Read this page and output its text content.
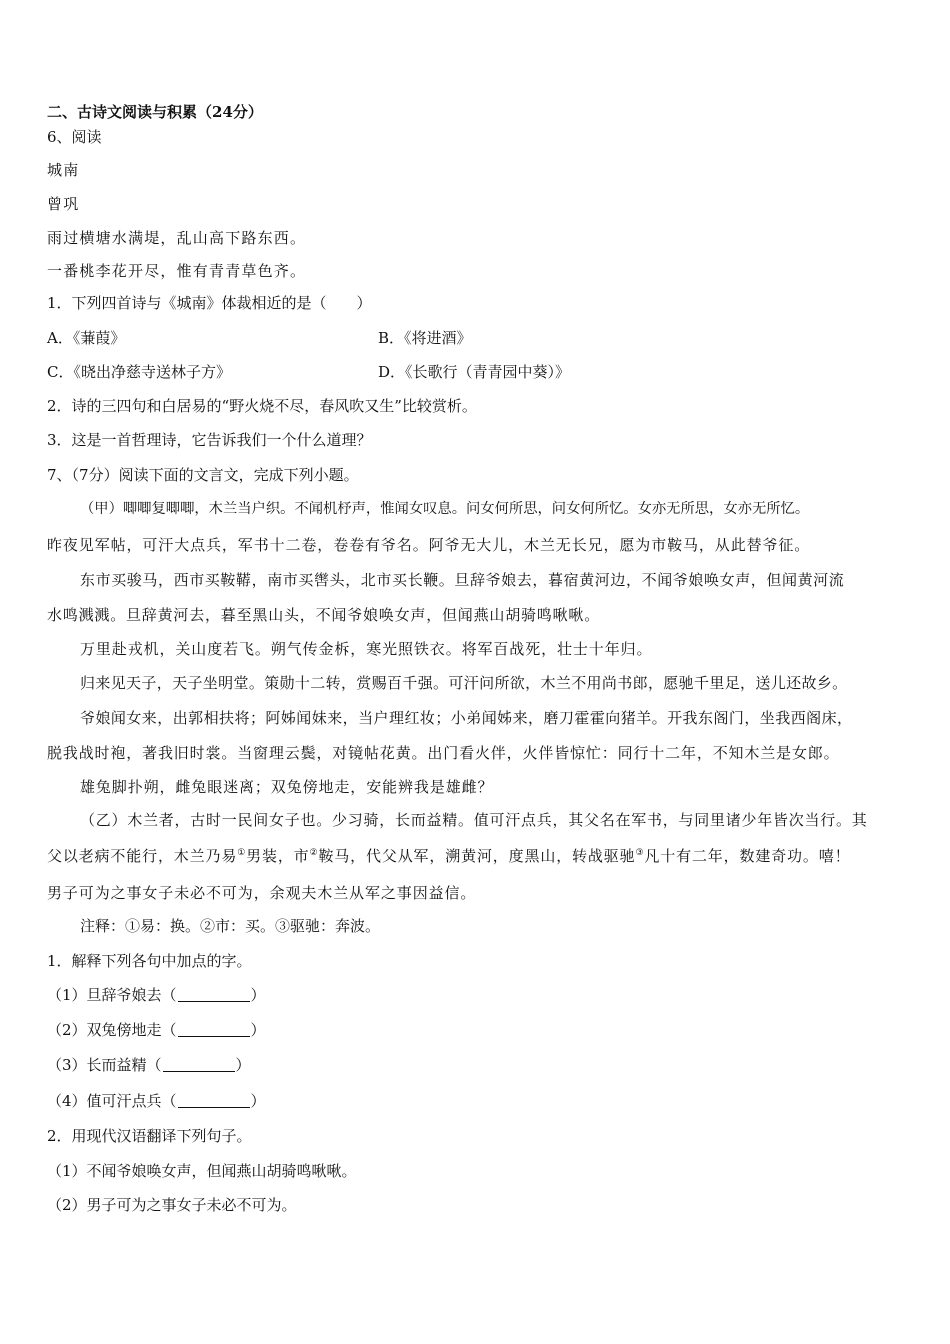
二、古诗文阅读与积累（24分）
6、阅读
城南
曾巩
雨过横塘水满堤，乱山高下路东西。
一番桃李花开尽，惟有青青草色齐。
1．下列四首诗与《城南》体裁相近的是（　　）
A．《蒹葭》	B．《将进酒》
C．《晓出净慈寺送林子方》	D．《长歌行（青青园中葵）》
2．诗的三四句和白居易的“野火烧不尽，春风吹又生”比较赏析。
3．这是一首哲理诗，它告诉我们一个什么道理？
7、（7分）阅读下面的文言文，完成下列小题。
（甲）唧唧复唧唧，木兰当户织。不闻机杼声，惟闻女叹息。问女何所思，问女何所忆。女亦无所思，女亦无所忆。
昨夜见军帖，可汗大点兵，军书十二卷，卷卷有爷名。阿爷无大儿，木兰无长兄，愿为市鞍马，从此替爷征。
东市买骏马，西市买鞍鞯，南市买辔头，北市买长鞭。旦辞爷娘去，暮宿黄河边，不闻爷娘唤女声，但闻黄河流
水鸣溅溅。旦辞黄河去，暮至黑山头，不闻爷娘唤女声，但闻燕山胡骑鸣啾啾。
万里赴戎机，关山度若飞。朔气传金柝，寒光照铁衣。将军百战死，壮士十年归。
归来见天子，天子坐明堂。策勋十二转，赏赐百千强。可汗问所欲，木兰不用尚书郎，愿驰千里足，送儿还故乡。
爷娘闻女来，出郭相扶将；阿姊闻妹来，当户理红妆；小弟闻姊来，磨刀霍霍向猪羊。开我东阁门，坐我西阁床，
脱我战时袍，著我旧时裳。当窗理云鬓，对镜帖花黄。出门看火伴，火伴皆惊忙：同行十二年，不知木兰是女郎。
雄兔脚扑朔，雌兔眼迷离；双兔傍地走，安能辨我是雄雌？
（乙）木兰者，古时一民间女子也。少习骑，长而益精。值可汗点兵，其父名在军书，与同里诸少年皆次当行。其
父以老病不能行，木兰乃易①男装，市②鞍马，代父从军，溯黄河，度黑山，转战驱驰③凡十有二年，数建奇功。嘻！
男子可为之事女子未必不可为，余观夫木兰从军之事因益信。
注释：①易：换。②市：买。③驱驰：奔波。
1．解释下列各句中加点的字。
（1）旦辞爷娘去（	）
（2）双兔傍地走（	）
（3）长而益精（	）
（4）值可汗点兵（	）
2．用现代汉语翻译下列句子。
（1）不闻爷娘唤女声，但闻燕山胡骑鸣啾啾。
（2）男子可为之事女子未必不可为。
